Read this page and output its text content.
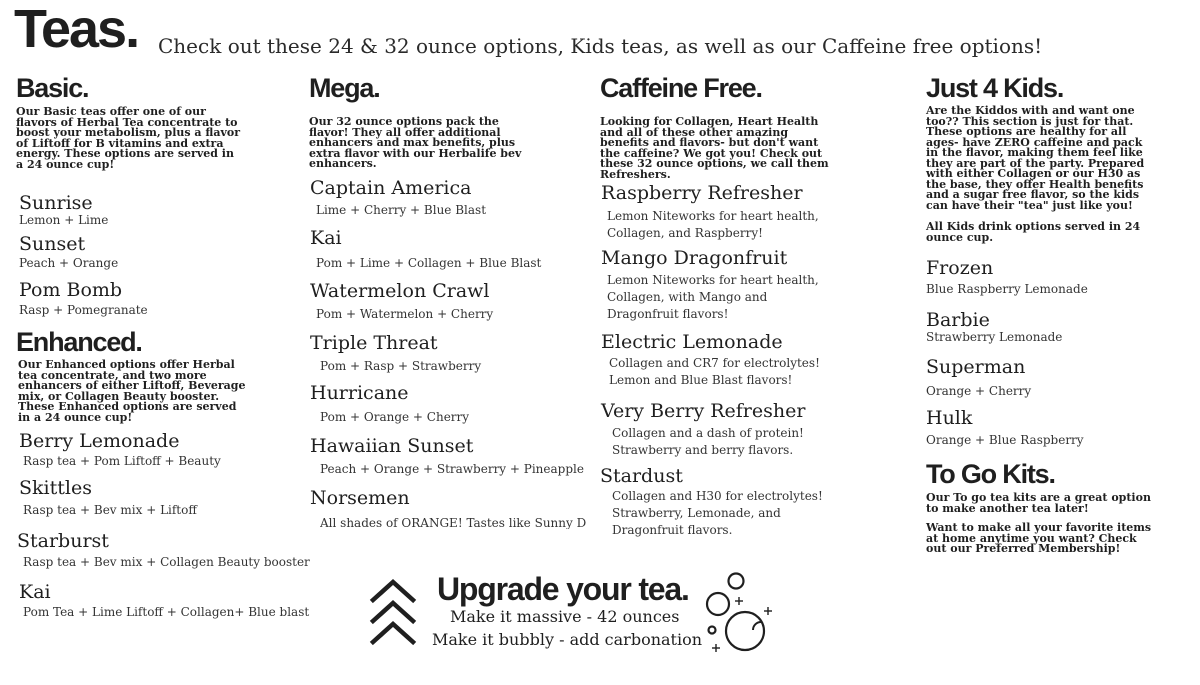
Teas. Check out these 24 & 32 ounce options, Kids teas, as well as our Caffeine free options!
Basic.
Our Basic teas offer one of our flavors of Herbal Tea concentrate to boost your metabolism, plus a flavor of Liftoff for B vitamins and extra energy. These options are served in a 24 ounce cup!
Sunrise
Lemon + Lime
Sunset
Peach + Orange
Pom Bomb
Rasp + Pomegranate
Enhanced.
Our Enhanced options offer Herbal tea concentrate, and two more enhancers of either Liftoff, Beverage mix, or Collagen Beauty booster. These Enhanced options are served in a 24 ounce cup!
Berry Lemonade
Rasp tea + Pom Liftoff + Beauty
Skittles
Rasp tea + Bev mix + Liftoff
Starburst
Rasp tea + Bev mix + Collagen Beauty booster
Kai
Pom Tea + Lime Liftoff + Collagen+ Blue blast
Mega.
Our 32 ounce options pack the flavor! They all offer additional enhancers and max benefits, plus extra flavor with our Herbalife bev enhancers.
Captain America
Lime + Cherry + Blue Blast
Kai
Pom + Lime + Collagen + Blue Blast
Watermelon Crawl
Pom + Watermelon + Cherry
Triple Threat
Pom + Rasp + Strawberry
Hurricane
Pom + Orange + Cherry
Hawaiian Sunset
Peach + Orange + Strawberry + Pineapple
Norsemen
All shades of ORANGE! Tastes like Sunny D
Caffeine Free.
Looking for Collagen, Heart Health and all of these other amazing benefits and flavors- but don't want the caffeine? We got you! Check out these 32 ounce options, we call them Refreshers.
Raspberry Refresher
Lemon Niteworks for heart health, Collagen, and Raspberry!
Mango Dragonfruit
Lemon Niteworks for heart health, Collagen, with Mango and Dragonfruit flavors!
Electric Lemonade
Collagen and CR7 for electrolytes! Lemon and Blue Blast flavors!
Very Berry Refresher
Collagen and a dash of protein! Strawberry and berry flavors.
Stardust
Collagen and H30 for electrolytes! Strawberry, Lemonade, and Dragonfruit flavors.
Just 4 Kids.
Are the Kiddos with and want one too?? This section is just for that. These options are healthy for all ages- have ZERO caffeine and pack in the flavor, making them feel like they are part of the party. Prepared with either Collagen or our H30 as the base, they offer Health benefits and a sugar free flavor, so the kids can have their "tea" just like you!
All Kids drink options served in 24 ounce cup.
Frozen
Blue Raspberry Lemonade
Barbie
Strawberry Lemonade
Superman
Orange + Cherry
Hulk
Orange + Blue Raspberry
To Go Kits.
Our To go tea kits are a great option to make another tea later!
Want to make all your favorite items at home anytime you want? Check out our Preferred Membership!
Upgrade your tea.
Make it massive - 42 ounces
Make it bubbly - add carbonation
